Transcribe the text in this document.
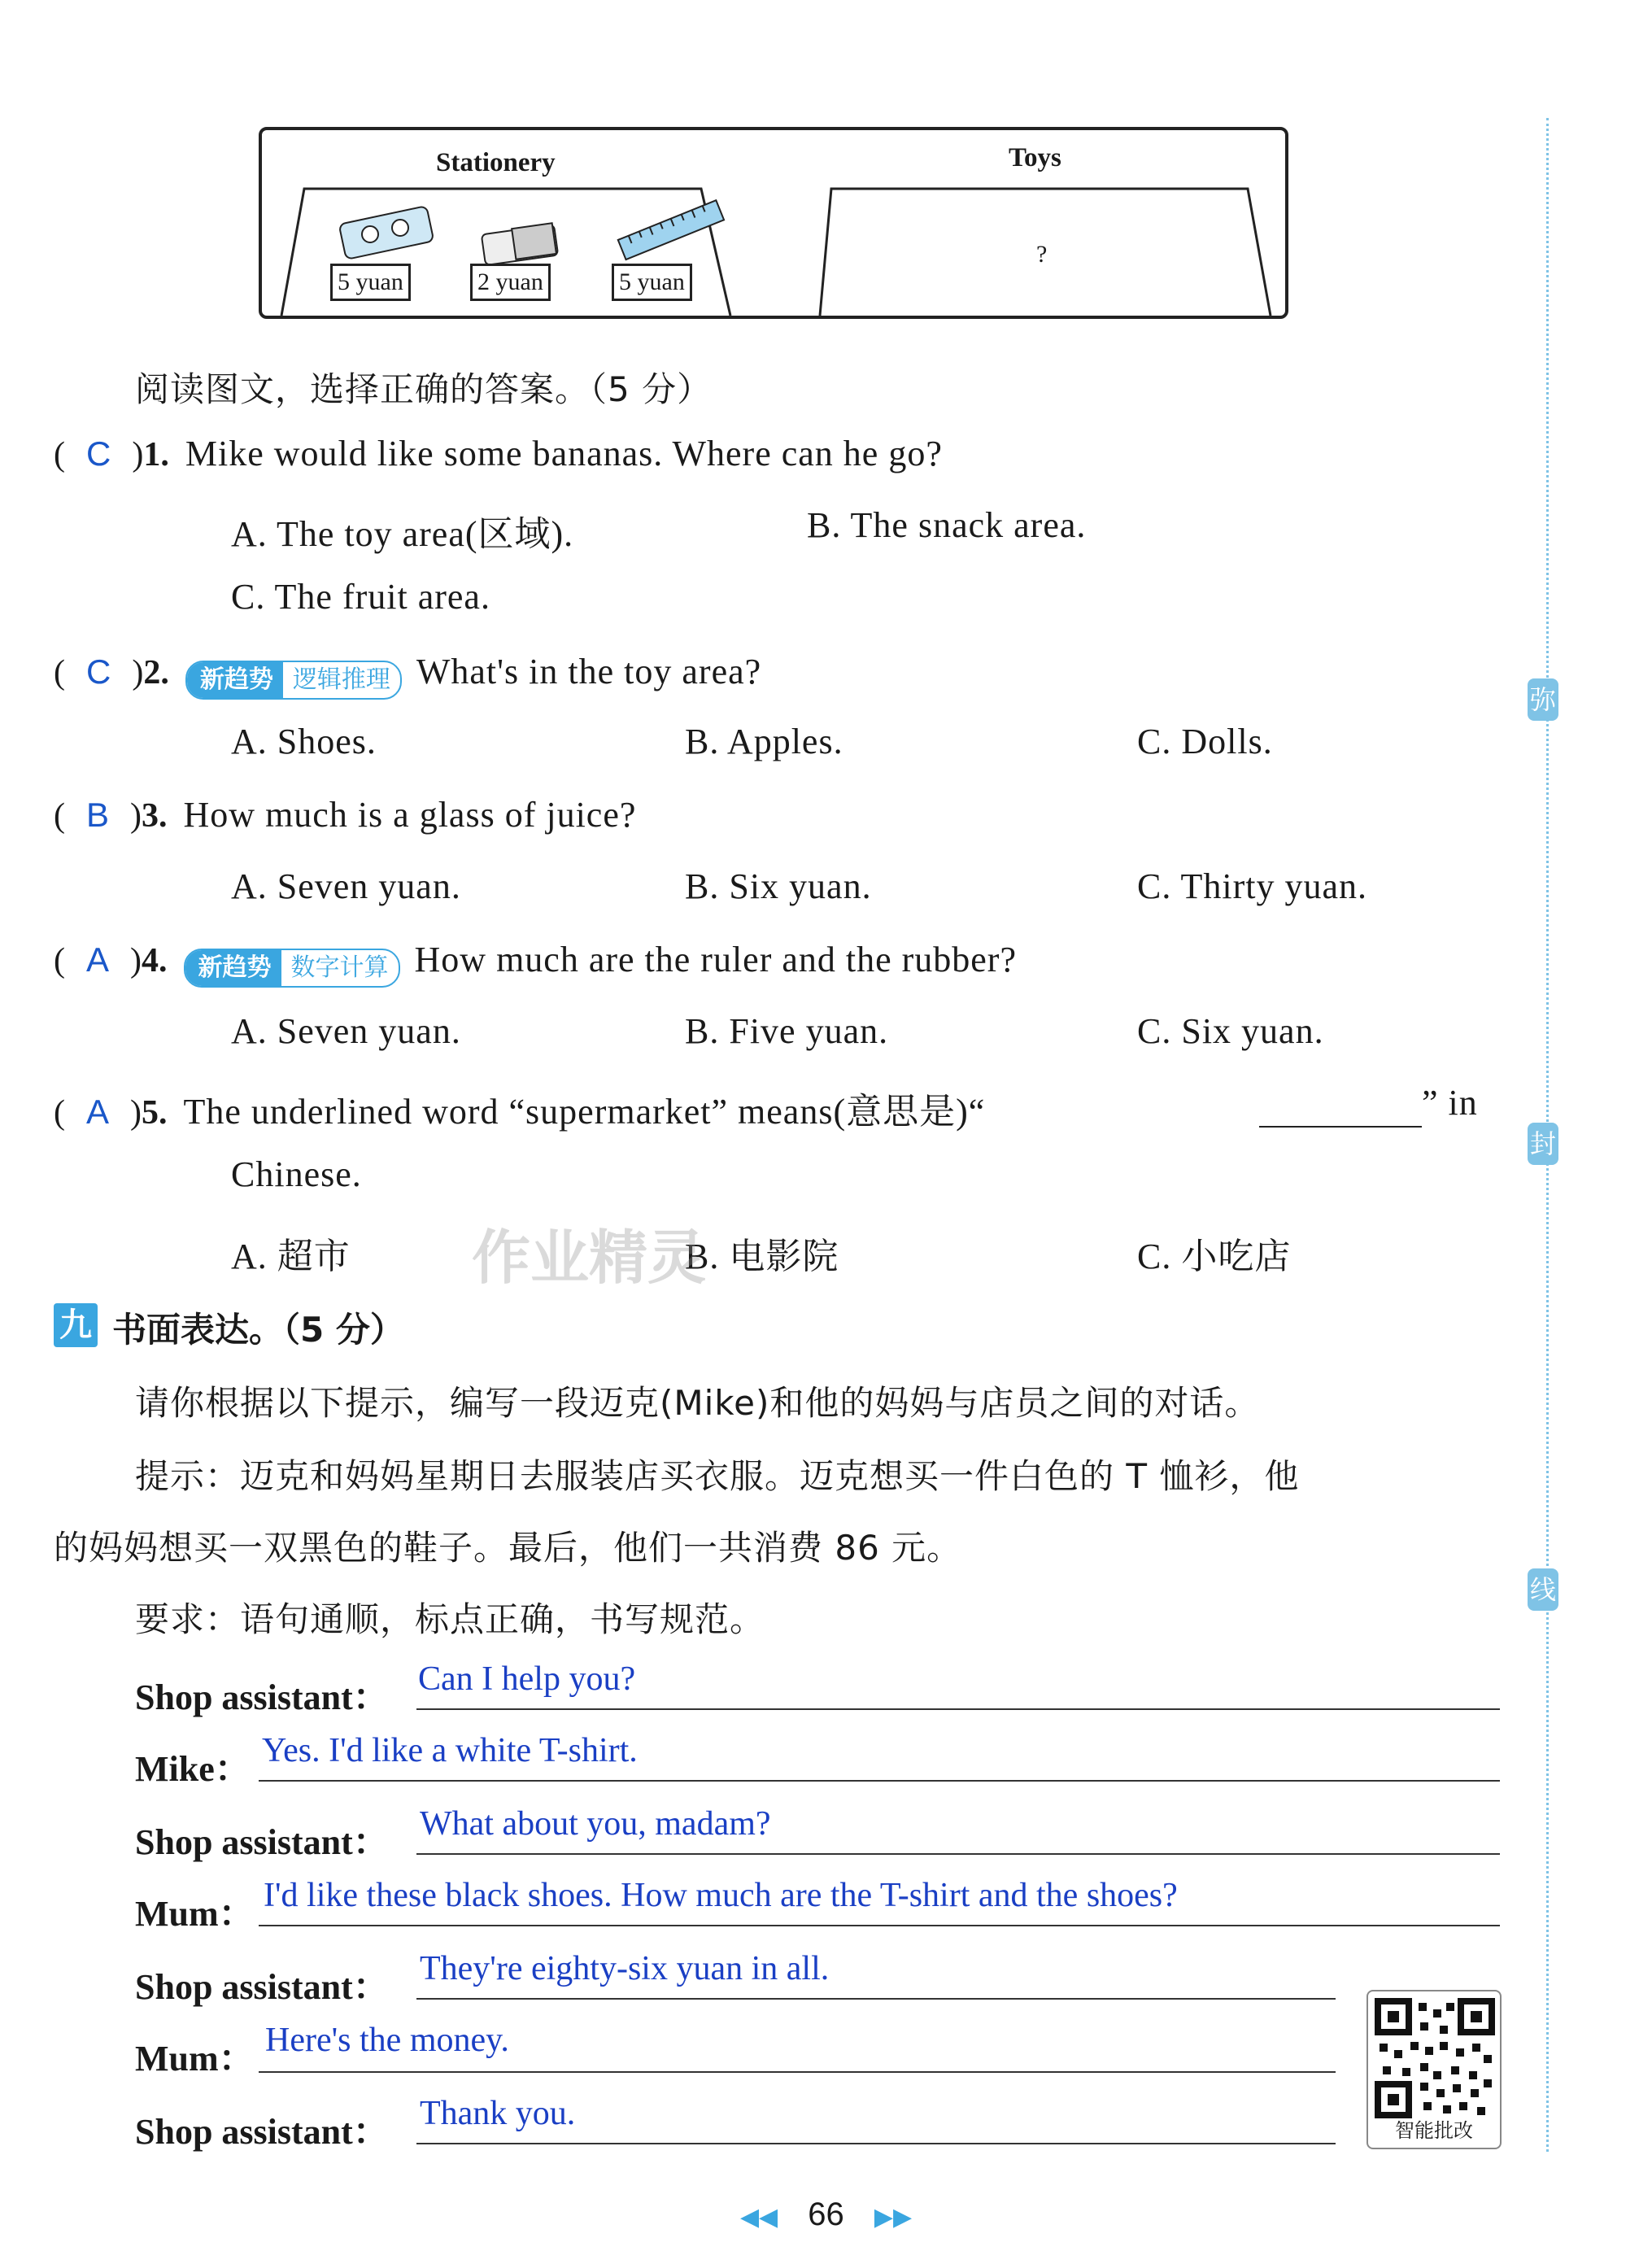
Stationery	Toys
5 yuan	2 yuan	5 yuan
?
阅读图文，选择正确的答案。（5 分）
( C )1. Mike would like some bananas. Where can he go?
A. The toy area(区域).	B. The snack area.
C. The fruit area.
( C )2. 新趋势 逻辑推理 What's in the toy area?
A. Shoes.	B. Apples.	C. Dolls.
( B )3. How much is a glass of juice?
A. Seven yuan.	B. Six yuan.	C. Thirty yuan.
( A )4. 新趋势 数字计算 How much are the ruler and the rubber?
A. Seven yuan.	B. Five yuan.	C. Six yuan.
( A )5. The underlined word “supermarket” means(意思是)“	” in
Chinese.
A. 超市	B. 电影院	C. 小吃店
九 书面表达。（5 分）
请你根据以下提示，编写一段迈克(Mike)和他的妈妈与店员之间的对话。
提示：迈克和妈妈星期日去服装店买衣服。迈克想买一件白色的 T 恤衫，他
的妈妈想买一双黑色的鞋子。最后，他们一共消费 86 元。
要求：语句通顺，标点正确，书写规范。
Shop assistant： Can I help you?
Mike： Yes. I'd like a white T-shirt.
Shop assistant： What about you, madam?
Mum： I'd like these black shoes. How much are the T-shirt and the shoes?
Shop assistant： They're eighty-six yuan in all.
Mum： Here's the money.
Shop assistant： Thank you.	智能批改
弥
封
线
作业精灵
◀◀ 66 ▶▶
